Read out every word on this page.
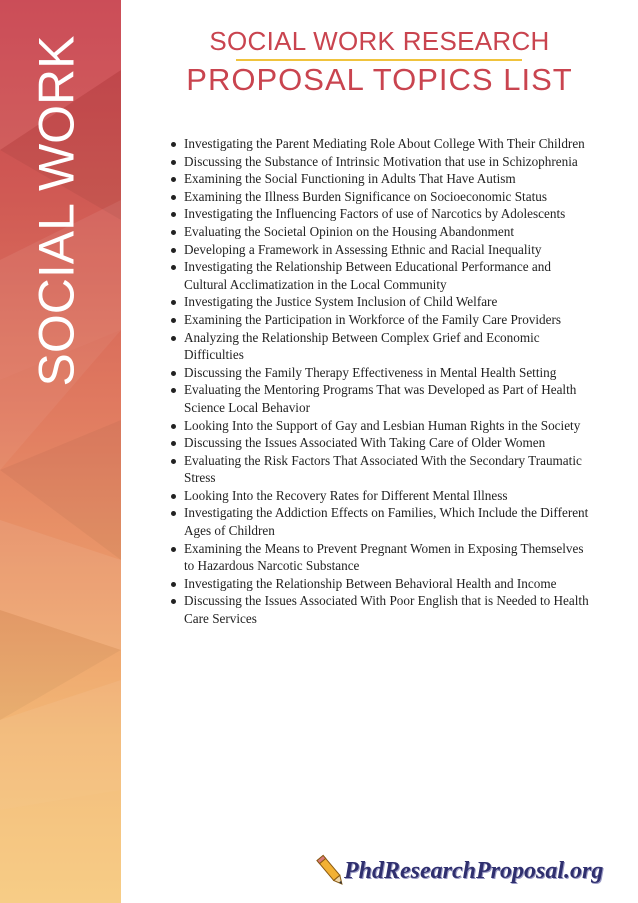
SOCIAL WORK	SOCIAL WORK RESEARCH
PROPOSAL TOPICS LIST
Investigating the Parent Mediating Role About College With Their Children
Discussing the Substance of Intrinsic Motivation that use in Schizophrenia
Examining the Social Functioning in Adults That Have Autism
Examining the Illness Burden Significance on Socioeconomic Status
Investigating the Influencing Factors of use of Narcotics by Adolescents
Evaluating the Societal Opinion on the Housing Abandonment
Developing a Framework in Assessing Ethnic and Racial Inequality
Investigating the Relationship Between Educational Performance and Cultural Acclimatization in the Local Community
Investigating the Justice System Inclusion of Child Welfare
Examining the Participation in Workforce of the Family Care Providers
Analyzing the Relationship Between Complex Grief and Economic Difficulties
Discussing the Family Therapy Effectiveness in Mental Health Setting
Evaluating the Mentoring Programs That was Developed as Part of Health Science Local Behavior
Looking Into the Support of Gay and Lesbian Human Rights in the Society
Discussing the Issues Associated With Taking Care of Older Women
Evaluating the Risk Factors That Associated With the Secondary Traumatic Stress
Looking Into the Recovery Rates for Different Mental Illness
Investigating the Addiction Effects on Families, Which Include the Different Ages of Children
Examining the Means to Prevent Pregnant Women in Exposing Themselves to Hazardous Narcotic Substance
Investigating the Relationship Between Behavioral Health and Income
Discussing the Issues Associated With Poor English that is Needed to Health Care Services
PhdResearchProposal.org
